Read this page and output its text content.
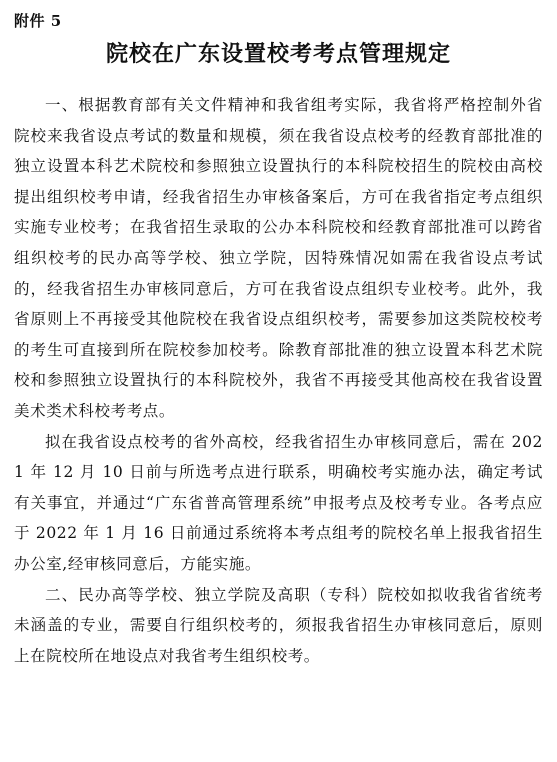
附件 5

院校在广东设置校考考点管理规定

一、根据教育部有关文件精神和我省组考实际，我省将严格控制外省院校来我省设点考试的数量和规模，须在我省设点校考的经教育部批准的独立设置本科艺术院校和参照独立设置执行的本科院校招生的院校由高校提出组织校考申请，经我省招生办审核备案后，方可在我省指定考点组织实施专业校考；在我省招生录取的公办本科院校和经教育部批准可以跨省组织校考的民办高等学校、独立学院，因特殊情况如需在我省设点考试的，经我省招生办审核同意后，方可在我省设点组织专业校考。此外，我省原则上不再接受其他院校在我省设点组织校考，需要参加这类院校校考的考生可直接到所在院校参加校考。除教育部批准的独立设置本科艺术院校和参照独立设置执行的本科院校外，我省不再接受其他高校在我省设置美术类术科校考考点。

拟在我省设点校考的省外高校，经我省招生办审核同意后，需在 2021 年 12 月 10 日前与所选考点进行联系，明确校考实施办法，确定考试有关事宜，并通过“广东省普高管理系统”申报考点及校考专业。各考点应于 2022 年 1 月 16 日前通过系统将本考点组考的院校名单上报我省招生办公室,经审核同意后，方能实施。

二、民办高等学校、独立学院及高职（专科）院校如拟收我省省统考未涵盖的专业，需要自行组织校考的，须报我省招生办审核同意后，原则上在院校所在地设点对我省考生组织校考。
